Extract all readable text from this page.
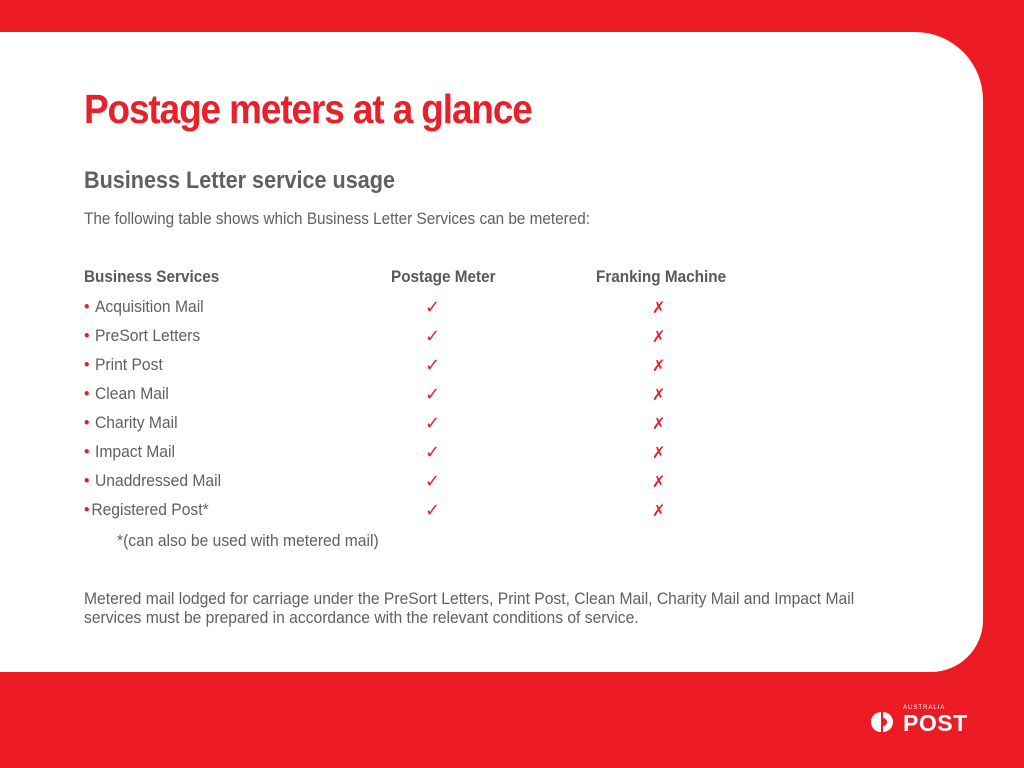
Postage meters at a glance
Business Letter service usage

The following table shows which Business Letter Services can be metered:

Business Services	Postage Meter	Franking Machine
• Acquisition Mail	✓	✗
• PreSort Letters	✓	✗
• Print Post	✓	✗
• Clean Mail	✓	✗
• Charity Mail	✓	✗
• Impact Mail	✓	✗
• Unaddressed Mail	✓	✗
• Registered Post*	✓	✗
*(can also be used with metered mail)

Metered mail lodged for carriage under the PreSort Letters, Print Post, Clean Mail, Charity Mail and Impact Mail services must be prepared in accordance with the relevant conditions of service.

AUSTRALIA
POST
